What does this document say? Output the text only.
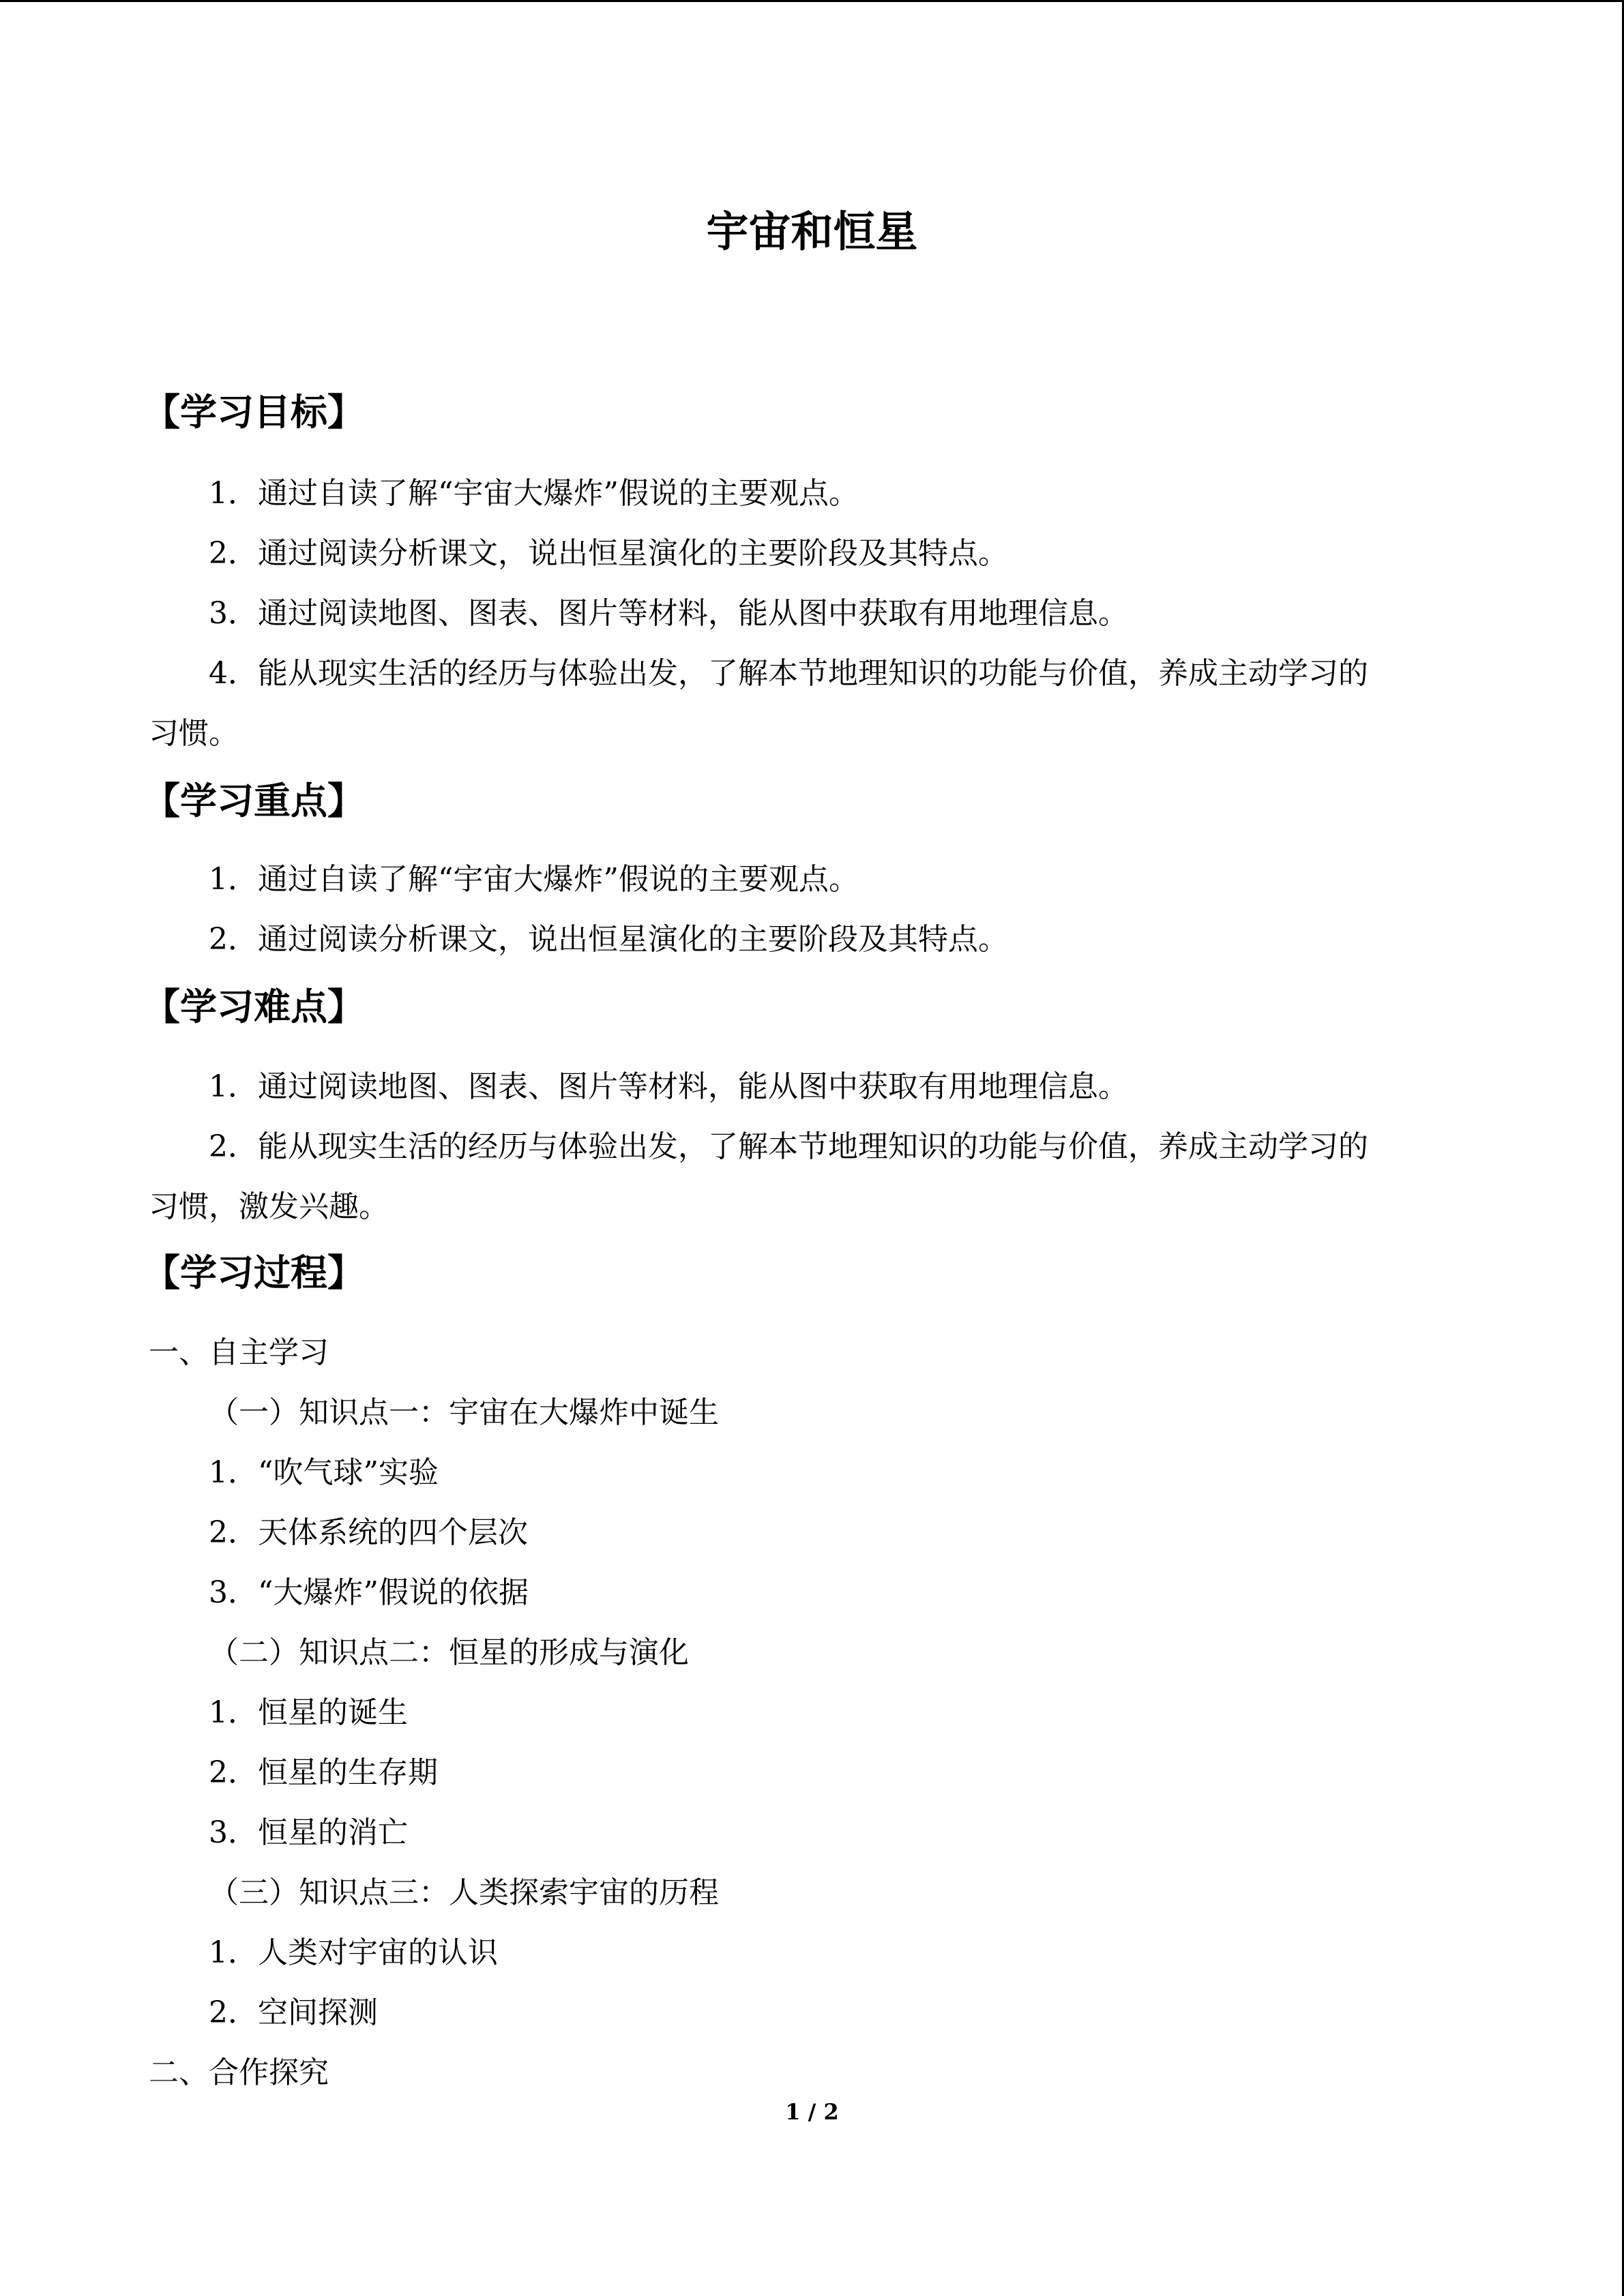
宇宙和恒星
【学习目标】
1．通过自读了解“宇宙大爆炸”假说的主要观点。
2．通过阅读分析课文，说出恒星演化的主要阶段及其特点。
3．通过阅读地图、图表、图片等材料，能从图中获取有用地理信息。
4．能从现实生活的经历与体验出发，了解本节地理知识的功能与价值，养成主动学习的
习惯。
【学习重点】
1．通过自读了解“宇宙大爆炸”假说的主要观点。
2．通过阅读分析课文，说出恒星演化的主要阶段及其特点。
【学习难点】
1．通过阅读地图、图表、图片等材料，能从图中获取有用地理信息。
2．能从现实生活的经历与体验出发，了解本节地理知识的功能与价值，养成主动学习的
习惯，激发兴趣。
【学习过程】
一、自主学习
（一）知识点一：宇宙在大爆炸中诞生
1．“吹气球”实验
2．天体系统的四个层次
3．“大爆炸”假说的依据
（二）知识点二：恒星的形成与演化
1．恒星的诞生
2．恒星的生存期
3．恒星的消亡
（三）知识点三：人类探索宇宙的历程
1．人类对宇宙的认识
2．空间探测
二、合作探究
1 / 2
